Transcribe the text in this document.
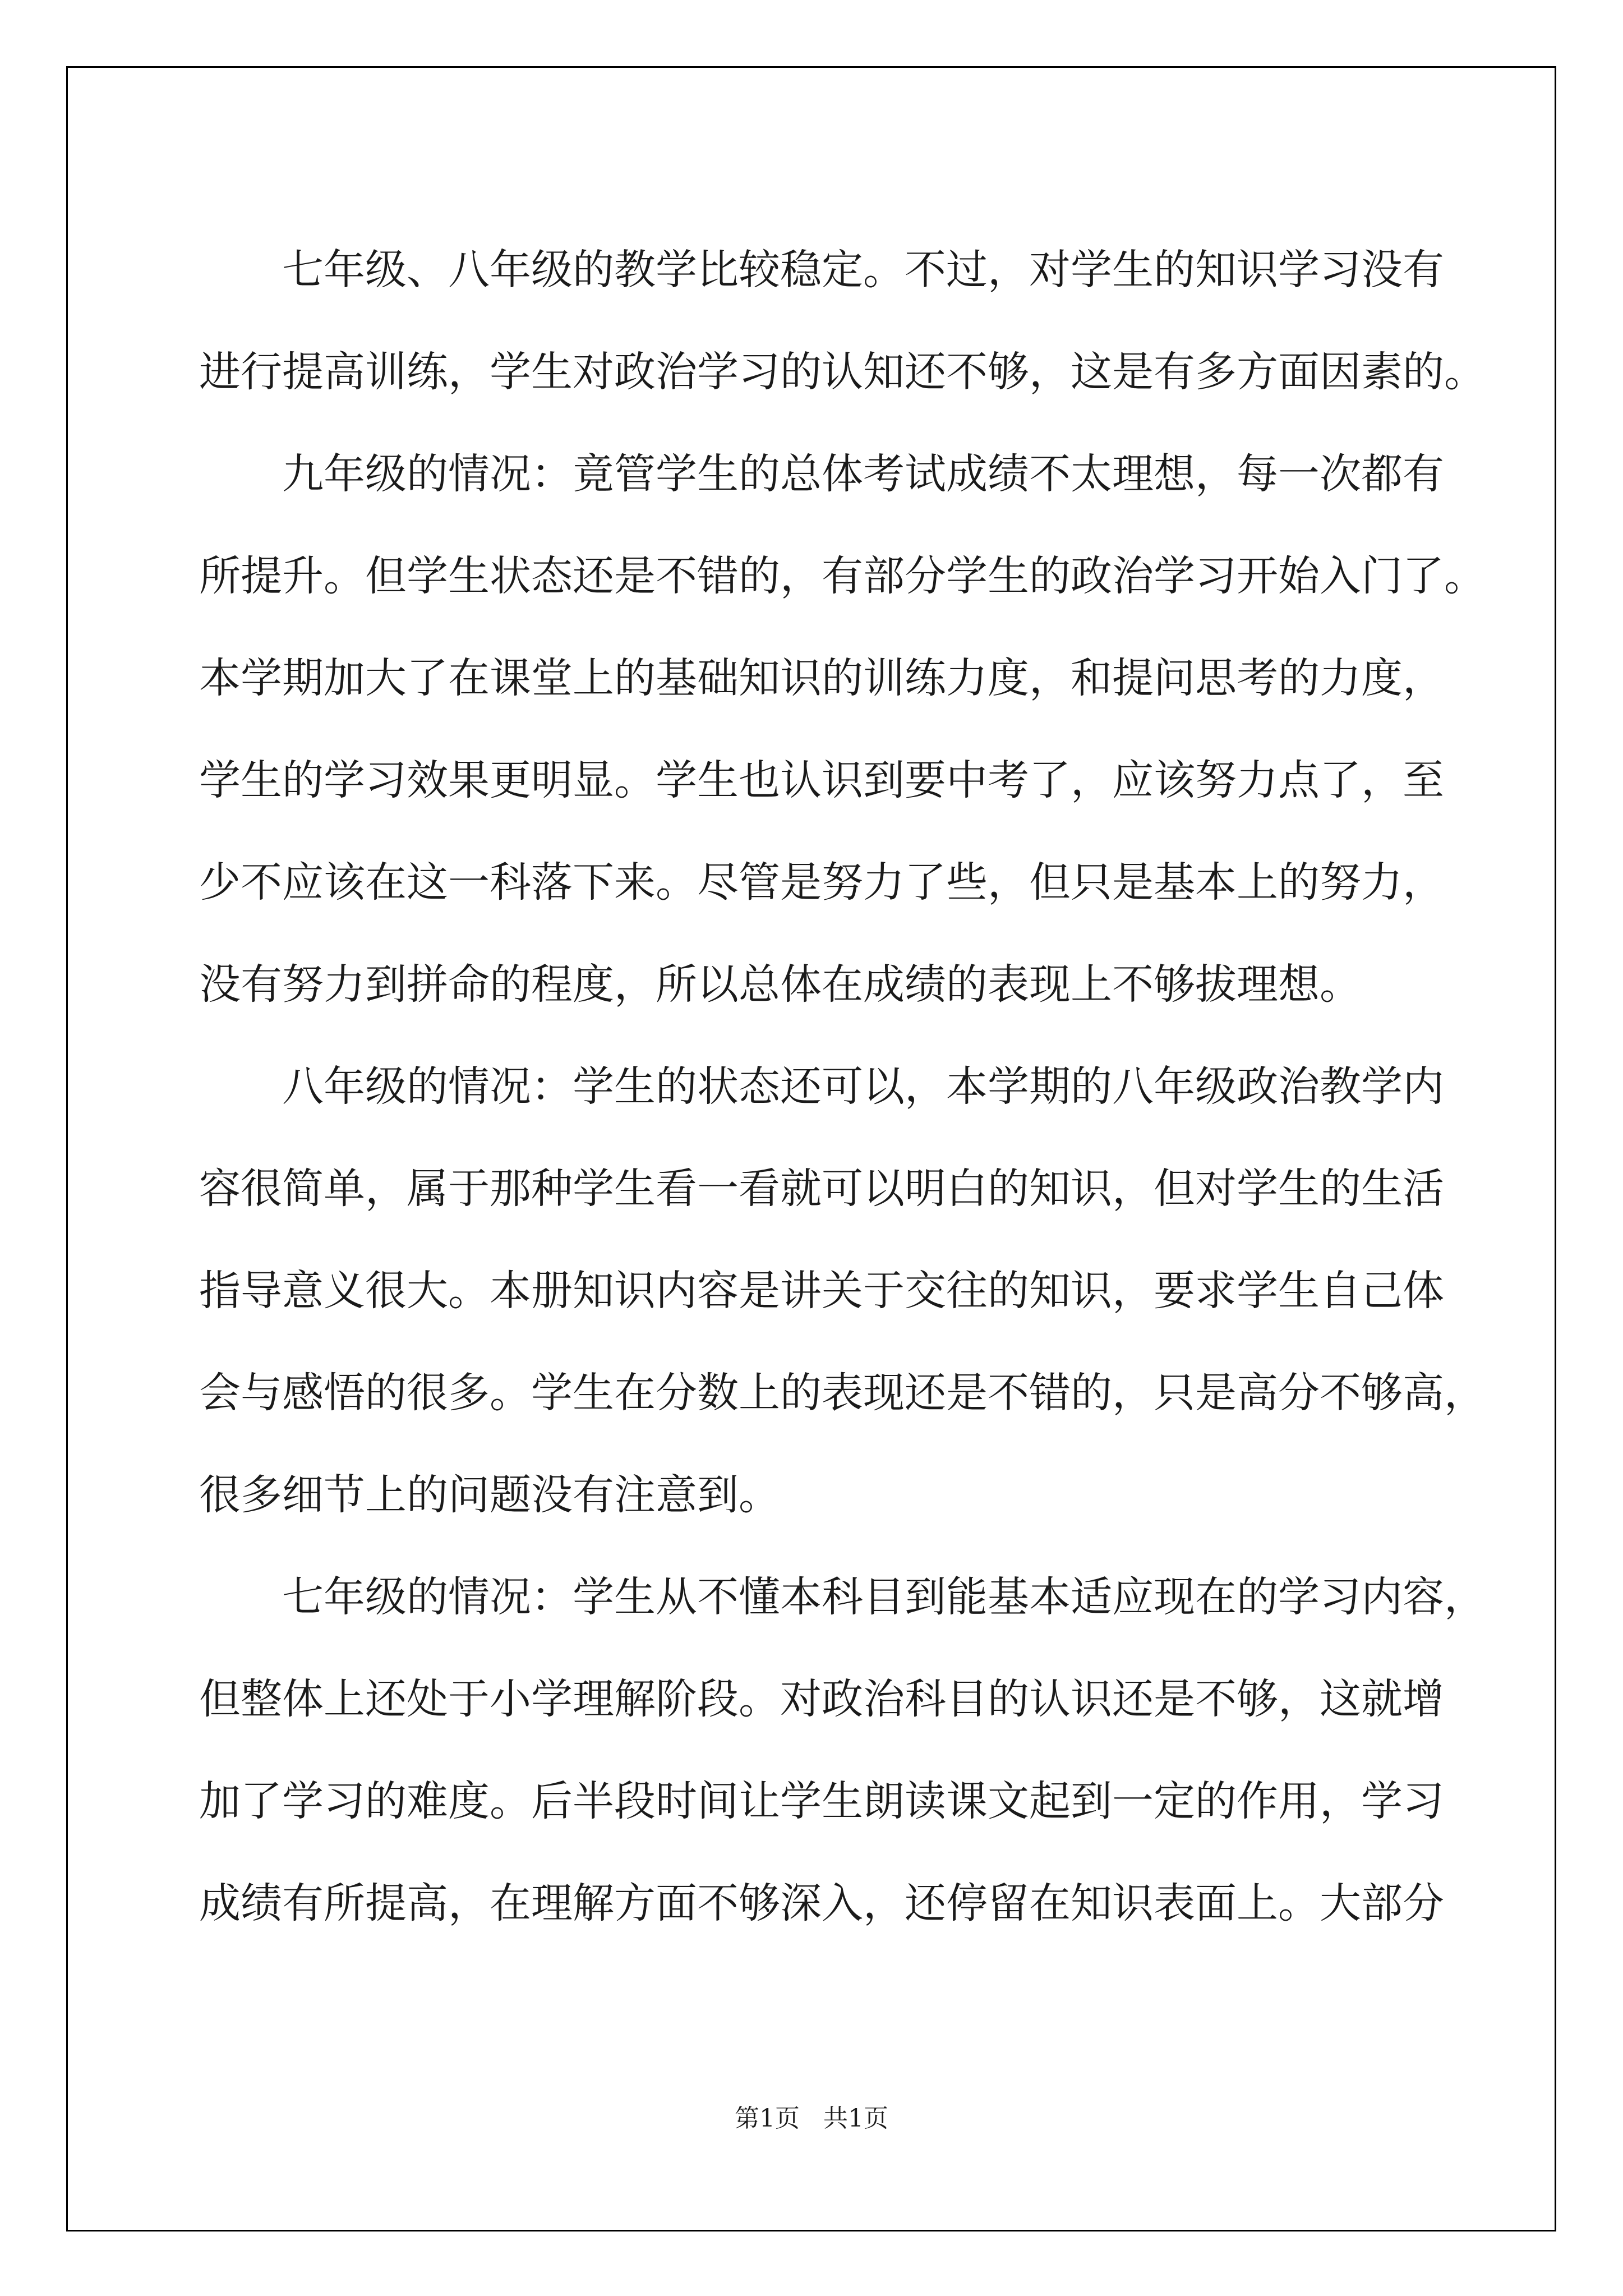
七年级、八年级的教学比较稳定。不过，对学生的知识学习没有
进行提高训练，学生对政治学习的认知还不够，这是有多方面因素的。
九年级的情况：竟管学生的总体考试成绩不太理想，每一次都有
所提升。但学生状态还是不错的，有部分学生的政治学习开始入门了。
本学期加大了在课堂上的基础知识的训练力度，和提问思考的力度，
学生的学习效果更明显。学生也认识到要中考了，应该努力点了，至
少不应该在这一科落下来。尽管是努力了些，但只是基本上的努力，
没有努力到拼命的程度，所以总体在成绩的表现上不够拔理想。
八年级的情况：学生的状态还可以，本学期的八年级政治教学内
容很简单，属于那种学生看一看就可以明白的知识，但对学生的生活
指导意义很大。本册知识内容是讲关于交往的知识，要求学生自己体
会与感悟的很多。学生在分数上的表现还是不错的，只是高分不够高，
很多细节上的问题没有注意到。
七年级的情况：学生从不懂本科目到能基本适应现在的学习内容，
但整体上还处于小学理解阶段。对政治科目的认识还是不够，这就增
加了学习的难度。后半段时间让学生朗读课文起到一定的作用，学习
成绩有所提高，在理解方面不够深入，还停留在知识表面上。大部分
第1页 共1页
